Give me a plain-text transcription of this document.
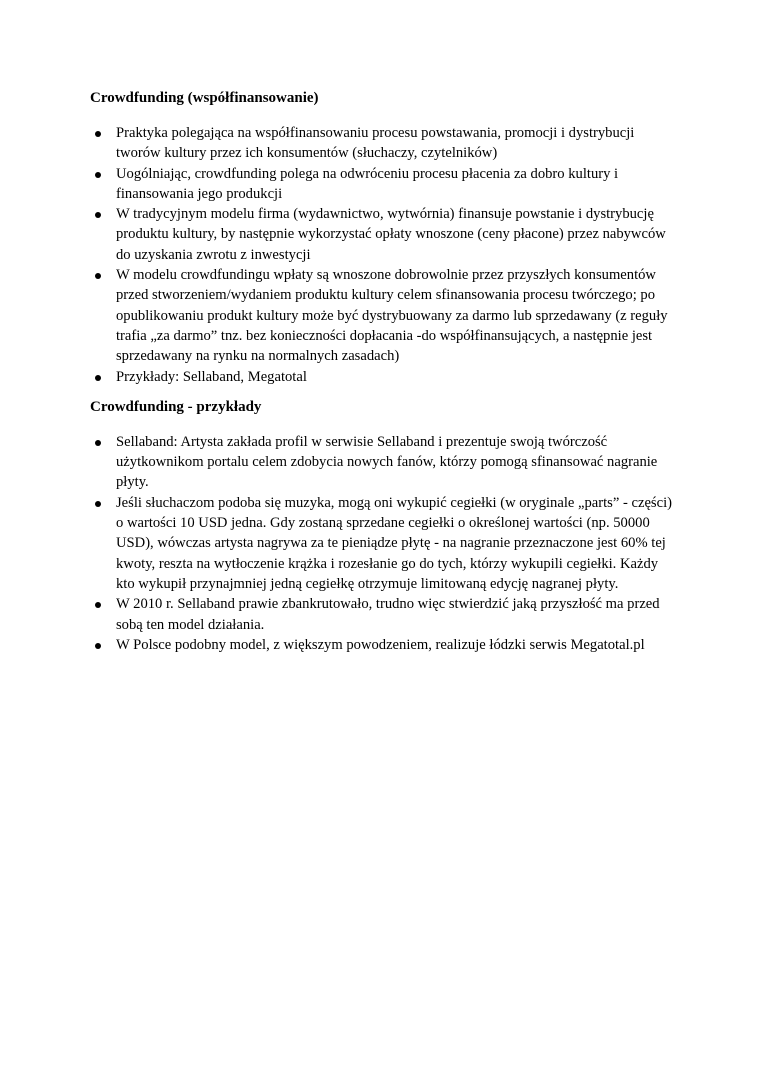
Crowdfunding (współfinansowanie)
Praktyka polegająca na współfinansowaniu procesu powstawania, promocji i dystrybucji tworów kultury przez ich konsumentów (słuchaczy, czytelników)
Uogólniając, crowdfunding polega na odwróceniu procesu płacenia za dobro kultury i finansowania jego produkcji
W tradycyjnym modelu firma (wydawnictwo, wytwórnia) finansuje powstanie i dystrybucję produktu kultury, by następnie wykorzystać opłaty wnoszone (ceny płacone) przez nabywców do uzyskania zwrotu z inwestycji
W modelu crowdfundingu wpłaty są wnoszone dobrowolnie przez przyszłych konsumentów przed stworzeniem/wydaniem produktu kultury celem sfinansowania procesu twórczego; po opublikowaniu produkt kultury może być dystrybuowany za darmo lub sprzedawany (z reguły trafia „za darmo” tnz. bez konieczności dopłacania -do współfinansujących, a następnie jest sprzedawany na rynku na normalnych zasadach)
Przykłady: Sellaband, Megatotal
Crowdfunding - przykłady
Sellaband: Artysta zakłada profil w serwisie Sellaband i prezentuje swoją twórczość użytkownikom portalu celem zdobycia nowych fanów, którzy pomogą sfinansować nagranie płyty.
Jeśli słuchaczom podoba się muzyka, mogą oni wykupić cegiełki (w oryginale „parts” - części) o wartości 10 USD jedna. Gdy zostaną sprzedane cegiełki o określonej wartości (np. 50000 USD), wówczas artysta nagrywa za te pieniądze płytę - na nagranie przeznaczone jest 60% tej kwoty, reszta na wytłoczenie krążka i rozesłanie go do tych, którzy wykupili cegiełki. Każdy kto wykupił przynajmniej jedną cegiełkę otrzymuje limitowaną edycję nagranej płyty.
W 2010 r. Sellaband prawie zbankrutowało, trudno więc stwierdzić jaką przyszłość ma przed sobą ten model działania.
W Polsce podobny model, z większym powodzeniem, realizuje łódzki serwis Megatotal.pl
